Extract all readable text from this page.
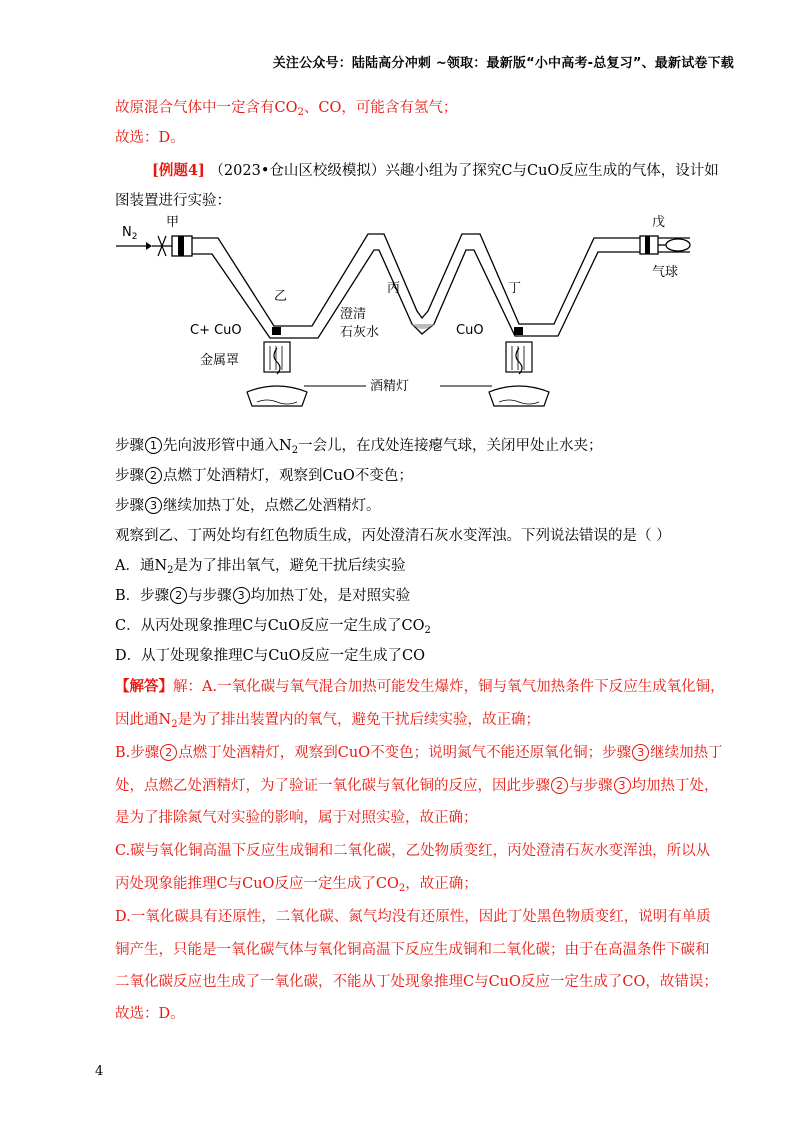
关注公众号：陆陆高分冲刺 ~领取：最新版“小中高考-总复习”、最新试卷下载
故原混合气体中一定含有$CO_2$、CO，可能含有氢气；
故选：D。
[例题4] （2023•仓山区校级模拟）兴趣小组为了探究C与CuO反应生成的气体，设计如
图装置进行实验：
$N_2$
甲
乙
丙	丁
戊
气球
C+ CuO
澄清
石灰水	CuO
金属罩
酒精灯
步骤 1 先向波形管中通入$N_2$一会儿，在戊处连接瘪气球，关闭甲处止水夹；
步骤 2 点燃丁处酒精灯，观察到CuO不变色；
步骤 3 继续加热丁处，点燃乙处酒精灯。
观察到乙、丁两处均有红色物质生成，丙处澄清石灰水变浑浊。下列说法错误的是（ ）
A．通$N_2$是为了排出氧气，避免干扰后续实验
B．步骤 2 与步骤 3 均加热丁处，是对照实验
C．从丙处现象推理C与CuO反应一定生成了$CO_2$
D．从丁处现象推理C与CuO反应一定生成了CO
【解答】解：A.一氧化碳与氧气混合加热可能发生爆炸，铜与氧气加热条件下反应生成氧化铜，
因此通$N_2$是为了排出装置内的氧气，避免干扰后续实验，故正确；
B.步骤 2 点燃丁处酒精灯，观察到CuO不变色；说明氮气不能还原氧化铜；步骤 3 继续加热丁
处，点燃乙处酒精灯，为了验证一氧化碳与氧化铜的反应，因此步骤 2 与步骤 3 均加热丁处，
是为了排除氮气对实验的影响，属于对照实验，故正确；
C.碳与氧化铜高温下反应生成铜和二氧化碳，乙处物质变红，丙处澄清石灰水变浑浊，所以从
丙处现象能推理C与CuO反应一定生成了$CO_2$，故正确；
D.一氧化碳具有还原性，二氧化碳、氮气均没有还原性，因此丁处黑色物质变红，说明有单质
铜产生，只能是一氧化碳气体与氧化铜高温下反应生成铜和二氧化碳；由于在高温条件下碳和
二氧化碳反应也生成了一氧化碳，不能从丁处现象推理C与CuO反应一定生成了CO，故错误；
故选：D。
4
